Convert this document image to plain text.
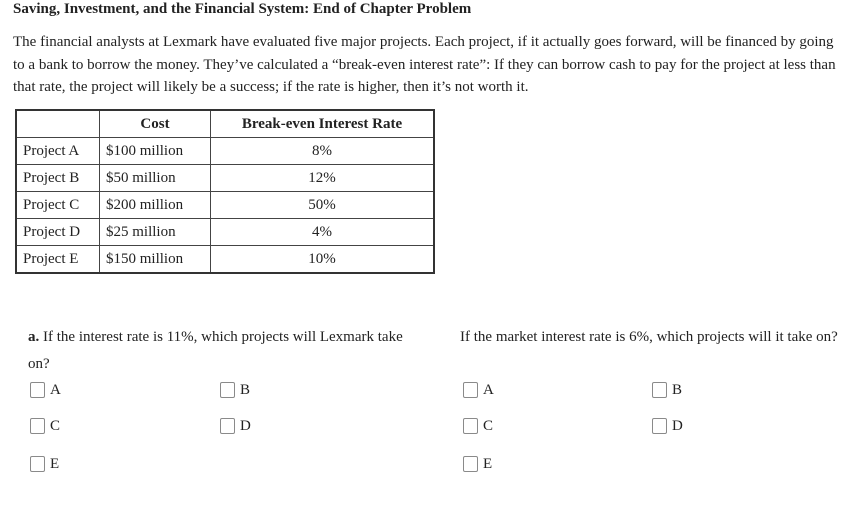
Saving, Investment, and the Financial System: End of Chapter Problem
The financial analysts at Lexmark have evaluated five major projects. Each project, if it actually goes forward, will be financed by going to a bank to borrow the money. They’ve calculated a “break-even interest rate”: If they can borrow cash to pay for the project at less than that rate, the project will likely be a success; if the rate is higher, then it’s not worth it.
	Cost	Break-even Interest Rate
Project A	$100 million	8%
Project B	$50 million	12%
Project C	$200 million	50%
Project D	$25 million	4%
Project E	$150 million	10%
a. If the interest rate is 11%, which projects will Lexmark take on?
A	B
C	D
E
If the market interest rate is 6%, which projects will it take on?
A	B
C	D
E
